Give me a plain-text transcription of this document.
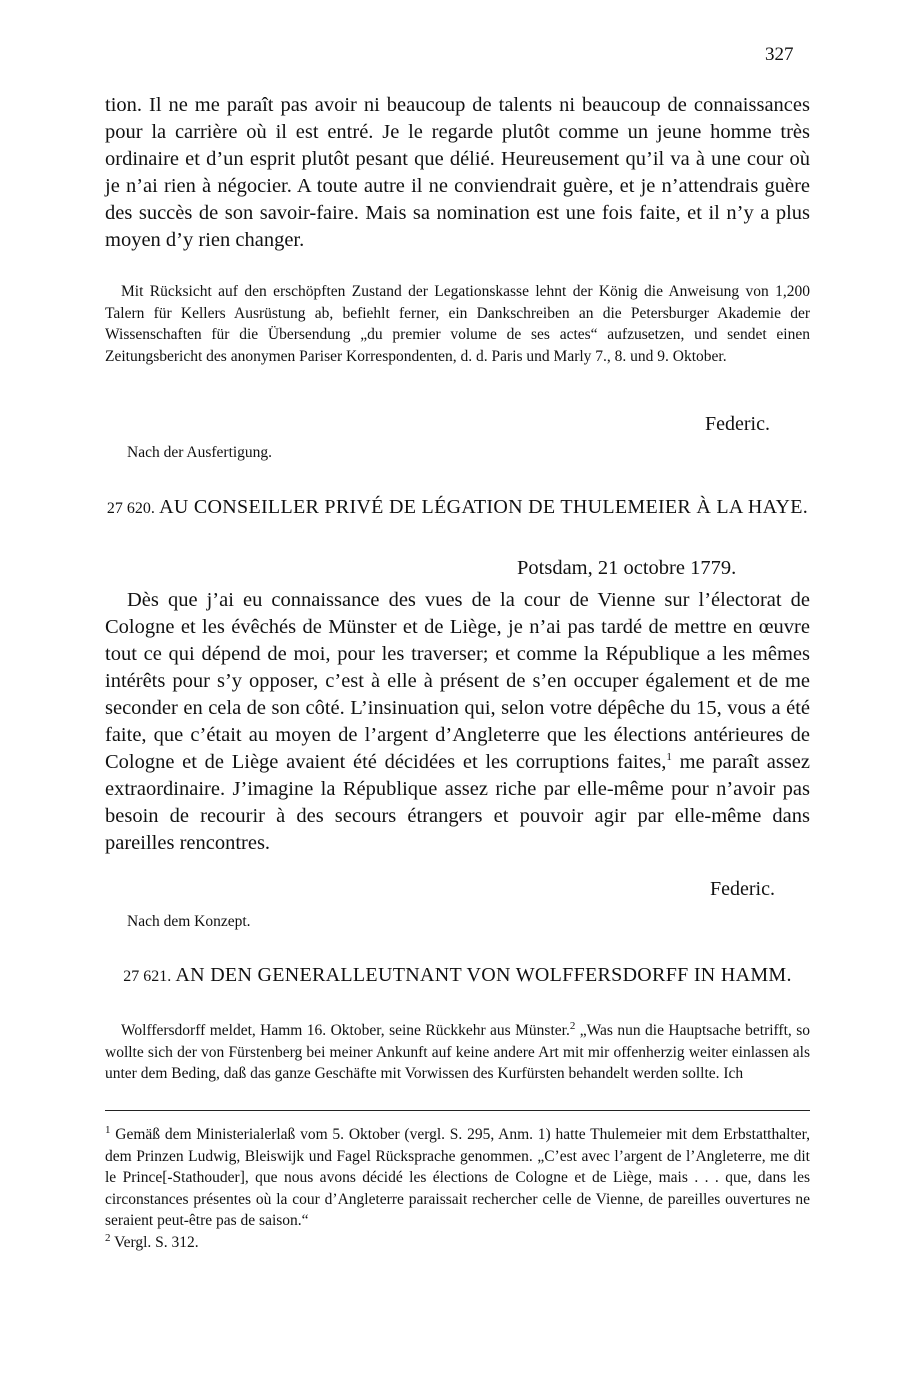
327

tion. Il ne me paraît pas avoir ni beaucoup de talents ni beaucoup de connaissances pour la carrière où il est entré. Je le regarde plutôt comme un jeune homme très ordinaire et d’un esprit plutôt pesant que délié. Heureusement qu’il va à une cour où je n’ai rien à négocier. A toute autre il ne conviendrait guère, et je n’attendrais guère des succès de son savoir-faire. Mais sa nomination est une fois faite, et il n’y a plus moyen d’y rien changer.

Mit Rücksicht auf den erschöpften Zustand der Legationskasse lehnt der König die Anweisung von 1,200 Talern für Kellers Ausrüstung ab, befiehlt ferner, ein Dankschreiben an die Petersburger Akademie der Wissenschaften für die Übersendung „du premier volume de ses actes“ aufzusetzen, und sendet einen Zeitungsbericht des anonymen Pariser Korrespondenten, d. d. Paris und Marly 7., 8. und 9. Oktober.

Federic.
Nach der Ausfertigung.
27 620. AU CONSEILLER PRIVÉ DE LÉGATION DE THULEMEIER À LA HAYE.
Potsdam, 21 octobre 1779.

Dès que j’ai eu connaissance des vues de la cour de Vienne sur l’électorat de Cologne et les évêchés de Münster et de Liège, je n’ai pas tardé de mettre en œuvre tout ce qui dépend de moi, pour les traverser; et comme la République a les mêmes intérêts pour s’y opposer, c’est à elle à présent de s’en occuper également et de me seconder en cela de son côté. L’insinuation qui, selon votre dépêche du 15, vous a été faite, que c’était au moyen de l’argent d’Angleterre que les élections antérieures de Cologne et de Liège avaient été décidées et les corruptions faites,$^1$ me paraît assez extraordinaire. J’imagine la République assez riche par elle-même pour n’avoir pas besoin de recourir à des secours étrangers et pouvoir agir par elle-même dans pareilles rencontres.

Federic.
Nach dem Konzept.
27 621. AN DEN GENERALLEUTNANT VON WOLFFERSDORFF IN HAMM.

Wolffersdorff meldet, Hamm 16. Oktober, seine Rückkehr aus Münster.$^2$ „Was nun die Hauptsache betrifft, so wollte sich der von Fürstenberg bei meiner Ankunft auf keine andere Art mit mir offenherzig weiter einlassen als unter dem Beding, daß das ganze Geschäfte mit Vorwissen des Kurfürsten behandelt werden sollte. Ich

$^1$ Gemäß dem Ministerialerlaß vom 5. Oktober (vergl. S. 295, Anm. 1) hatte Thulemeier mit dem Erbstatthalter, dem Prinzen Ludwig, Bleiswijk und Fagel Rücksprache genommen. „C’est avec l’argent de l’Angleterre, me dit le Prince[-Stathouder], que nous avons décidé les élections de Cologne et de Liège, mais . . . que, dans les circonstances présentes où la cour d’Angleterre paraissait rechercher celle de Vienne, de pareilles ouvertures ne seraient peut-être pas de saison.“

$^2$ Vergl. S. 312.
